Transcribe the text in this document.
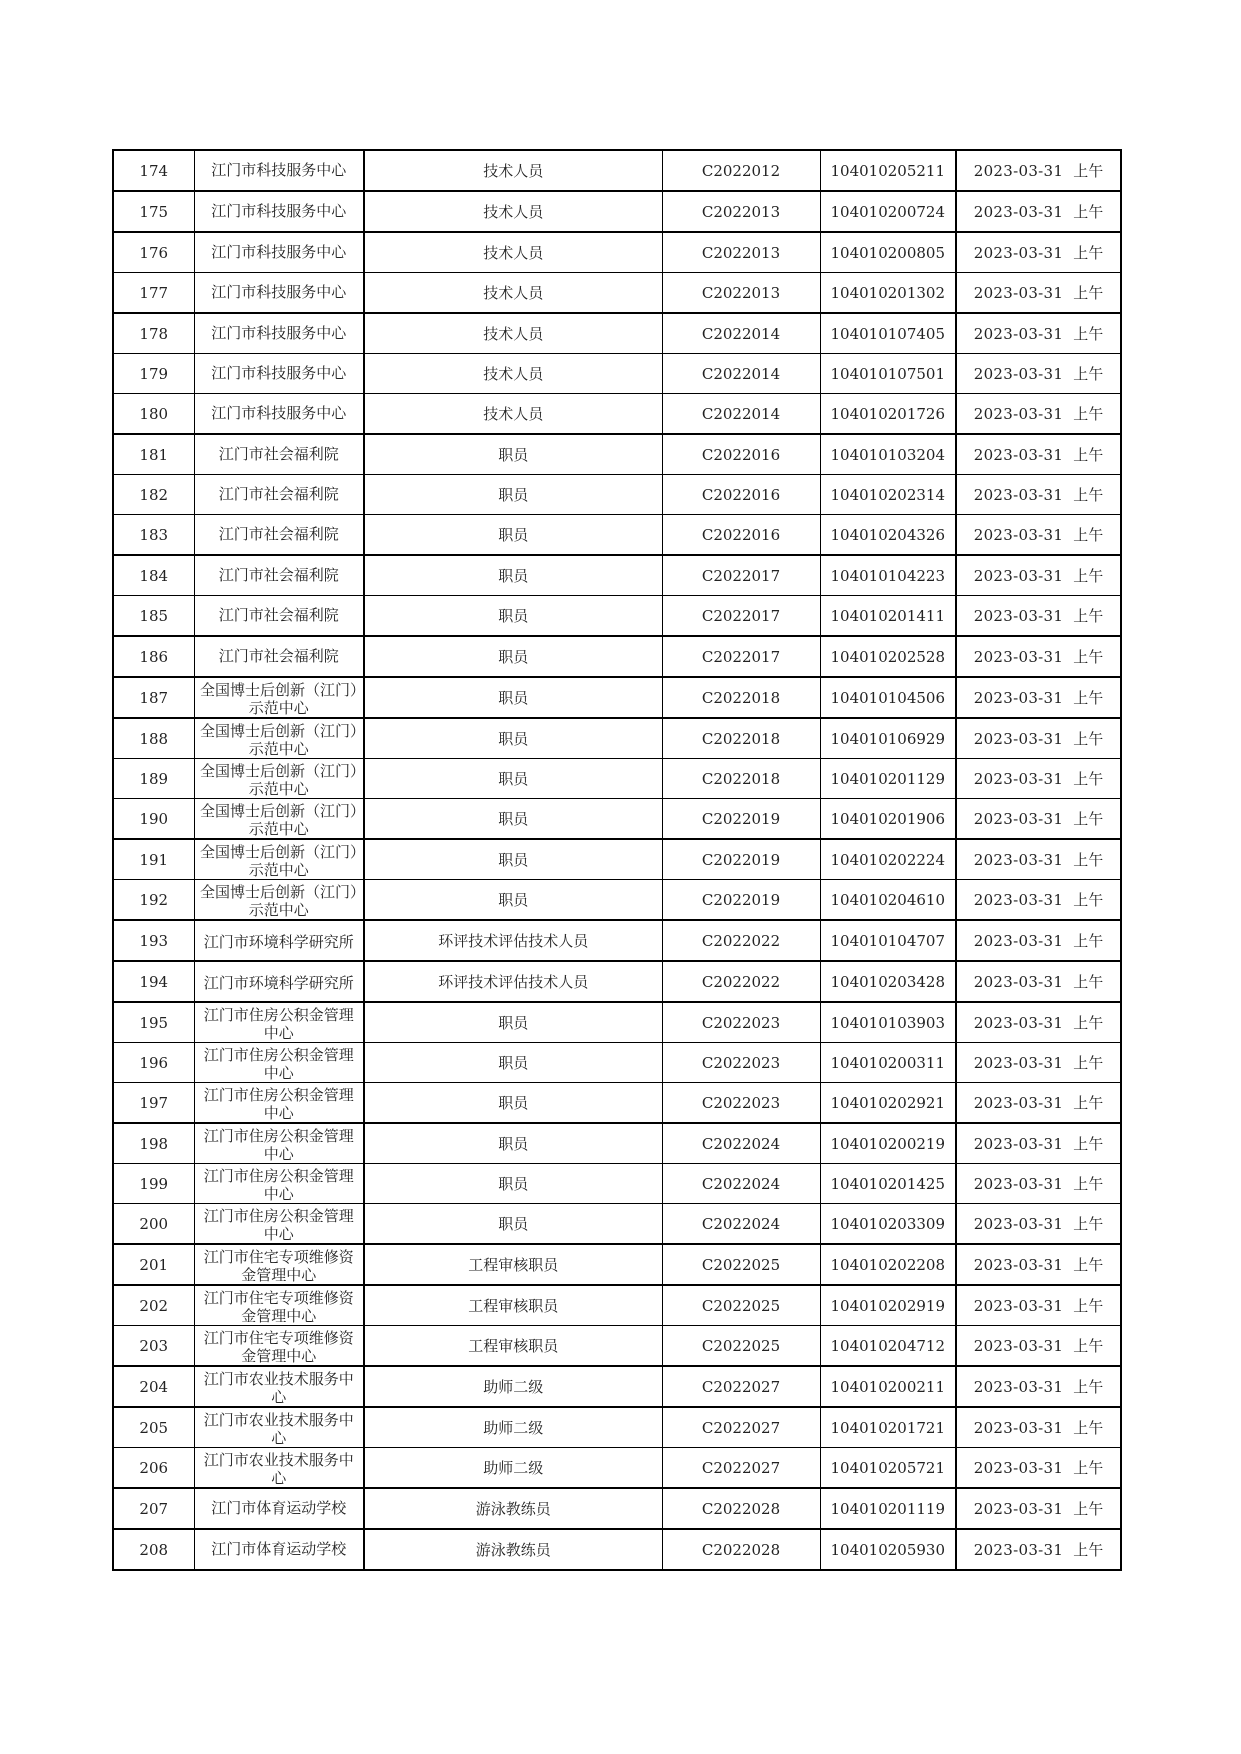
174	江门市科技服务中心	技术人员	C2022012	104010205211	2023-03-31 上午
175	江门市科技服务中心	技术人员	C2022013	104010200724	2023-03-31 上午
176	江门市科技服务中心	技术人员	C2022013	104010200805	2023-03-31 上午
177	江门市科技服务中心	技术人员	C2022013	104010201302	2023-03-31 上午
178	江门市科技服务中心	技术人员	C2022014	104010107405	2023-03-31 上午
179	江门市科技服务中心	技术人员	C2022014	104010107501	2023-03-31 上午
180	江门市科技服务中心	技术人员	C2022014	104010201726	2023-03-31 上午
181	江门市社会福利院	职员	C2022016	104010103204	2023-03-31 上午
182	江门市社会福利院	职员	C2022016	104010202314	2023-03-31 上午
183	江门市社会福利院	职员	C2022016	104010204326	2023-03-31 上午
184	江门市社会福利院	职员	C2022017	104010104223	2023-03-31 上午
185	江门市社会福利院	职员	C2022017	104010201411	2023-03-31 上午
186	江门市社会福利院	职员	C2022017	104010202528	2023-03-31 上午
187	全国博士后创新（江门）示范中心	职员	C2022018	104010104506	2023-03-31 上午
188	全国博士后创新（江门）示范中心	职员	C2022018	104010106929	2023-03-31 上午
189	全国博士后创新（江门）示范中心	职员	C2022018	104010201129	2023-03-31 上午
190	全国博士后创新（江门）示范中心	职员	C2022019	104010201906	2023-03-31 上午
191	全国博士后创新（江门）示范中心	职员	C2022019	104010202224	2023-03-31 上午
192	全国博士后创新（江门）示范中心	职员	C2022019	104010204610	2023-03-31 上午
193	江门市环境科学研究所	环评技术评估技术人员	C2022022	104010104707	2023-03-31 上午
194	江门市环境科学研究所	环评技术评估技术人员	C2022022	104010203428	2023-03-31 上午
195	江门市住房公积金管理中心	职员	C2022023	104010103903	2023-03-31 上午
196	江门市住房公积金管理中心	职员	C2022023	104010200311	2023-03-31 上午
197	江门市住房公积金管理中心	职员	C2022023	104010202921	2023-03-31 上午
198	江门市住房公积金管理中心	职员	C2022024	104010200219	2023-03-31 上午
199	江门市住房公积金管理中心	职员	C2022024	104010201425	2023-03-31 上午
200	江门市住房公积金管理中心	职员	C2022024	104010203309	2023-03-31 上午
201	江门市住宅专项维修资金管理中心	工程审核职员	C2022025	104010202208	2023-03-31 上午
202	江门市住宅专项维修资金管理中心	工程审核职员	C2022025	104010202919	2023-03-31 上午
203	江门市住宅专项维修资金管理中心	工程审核职员	C2022025	104010204712	2023-03-31 上午
204	江门市农业技术服务中心	助师二级	C2022027	104010200211	2023-03-31 上午
205	江门市农业技术服务中心	助师二级	C2022027	104010201721	2023-03-31 上午
206	江门市农业技术服务中心	助师二级	C2022027	104010205721	2023-03-31 上午
207	江门市体育运动学校	游泳教练员	C2022028	104010201119	2023-03-31 上午
208	江门市体育运动学校	游泳教练员	C2022028	104010205930	2023-03-31 上午
